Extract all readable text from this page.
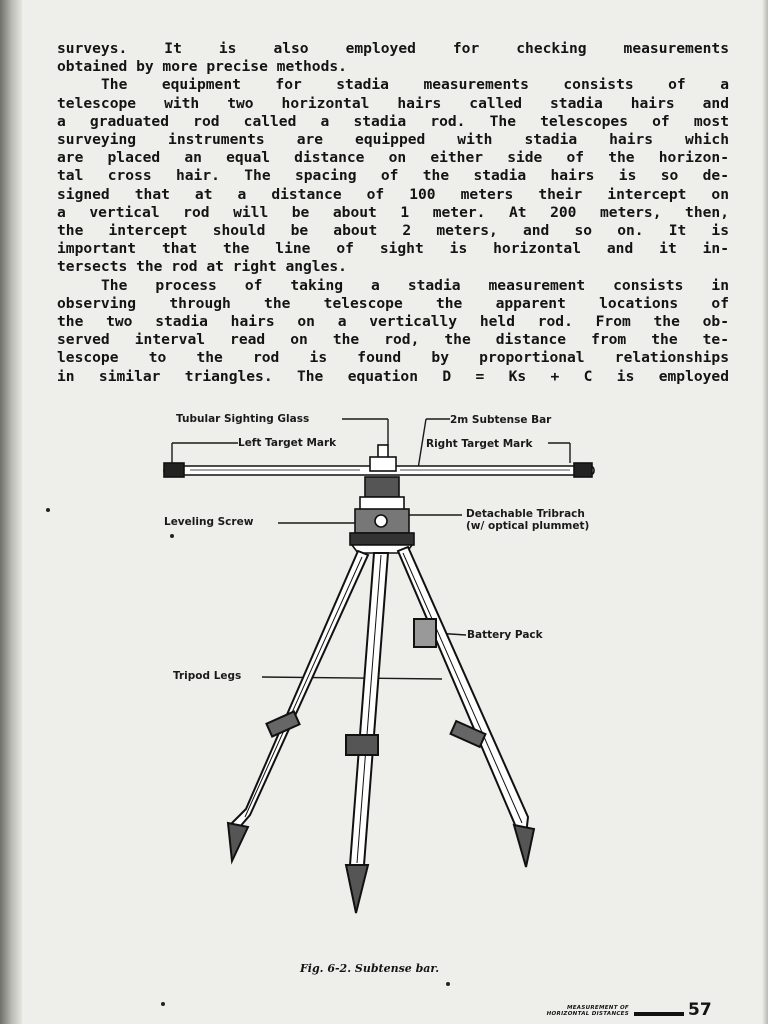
surveys. It is also employed for checking measurements

obtained by more precise methods.

The equipment for stadia measurements consists of a

telescope with two horizontal hairs called stadia hairs and

a graduated rod called a stadia rod. The telescopes of most

surveying instruments are equipped with stadia hairs which

are placed an equal distance on either side of the horizon-

tal cross hair. The spacing of the stadia hairs is so de-

signed that at a distance of 100 meters their intercept on

a vertical rod will be about 1 meter. At 200 meters, then,

the intercept should be about 2 meters, and so on. It is

important that the line of sight is horizontal and it in-

tersects the rod at right angles.

The process of taking a stadia measurement consists in

observing through the telescope the apparent locations of

the two stadia hairs on a vertically held rod. From the ob-

served interval read on the rod, the distance from the te-

lescope to the rod is found by proportional relationships

in similar triangles. The equation D = Ks + C is employed

Tubular Sighting Glass	2m Subtense Bar
Left Target Mark	Right Target Mark
Leveling Screw
Detachable Tribrach
(w/ optical plummet)
Battery Pack
Tripod Legs
Fig. 6-2. Subtense bar.
MEASUREMENT OF
HORIZONTAL DISTANCES	57
